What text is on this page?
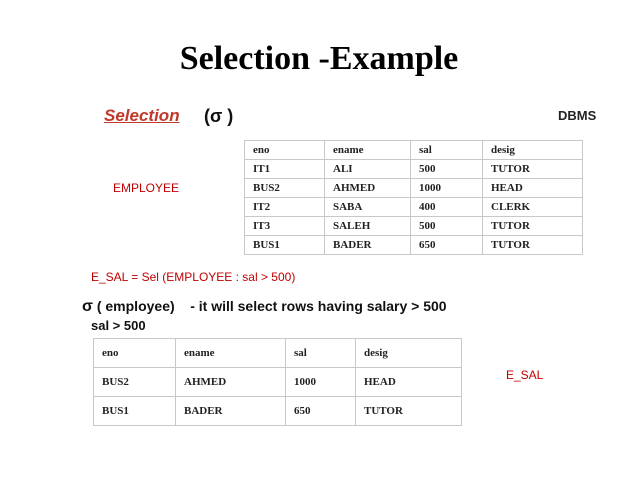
Selection -Example
Selection (σ )	DBMS
EMPLOYEE
eno	ename	sal	desig
IT1	ALI	500	TUTOR
BUS2	AHMED	1000	HEAD
IT2	SABA	400	CLERK
IT3	SALEH	500	TUTOR
BUS1	BADER	650	TUTOR
E_SAL = Sel (EMPLOYEE : sal > 500)
σ ( employee)    - it will select rows having salary > 500
sal > 500
eno	ename	sal	desig
BUS2	AHMED	1000	HEAD
BUS1	BADER	650	TUTOR
E_SAL
